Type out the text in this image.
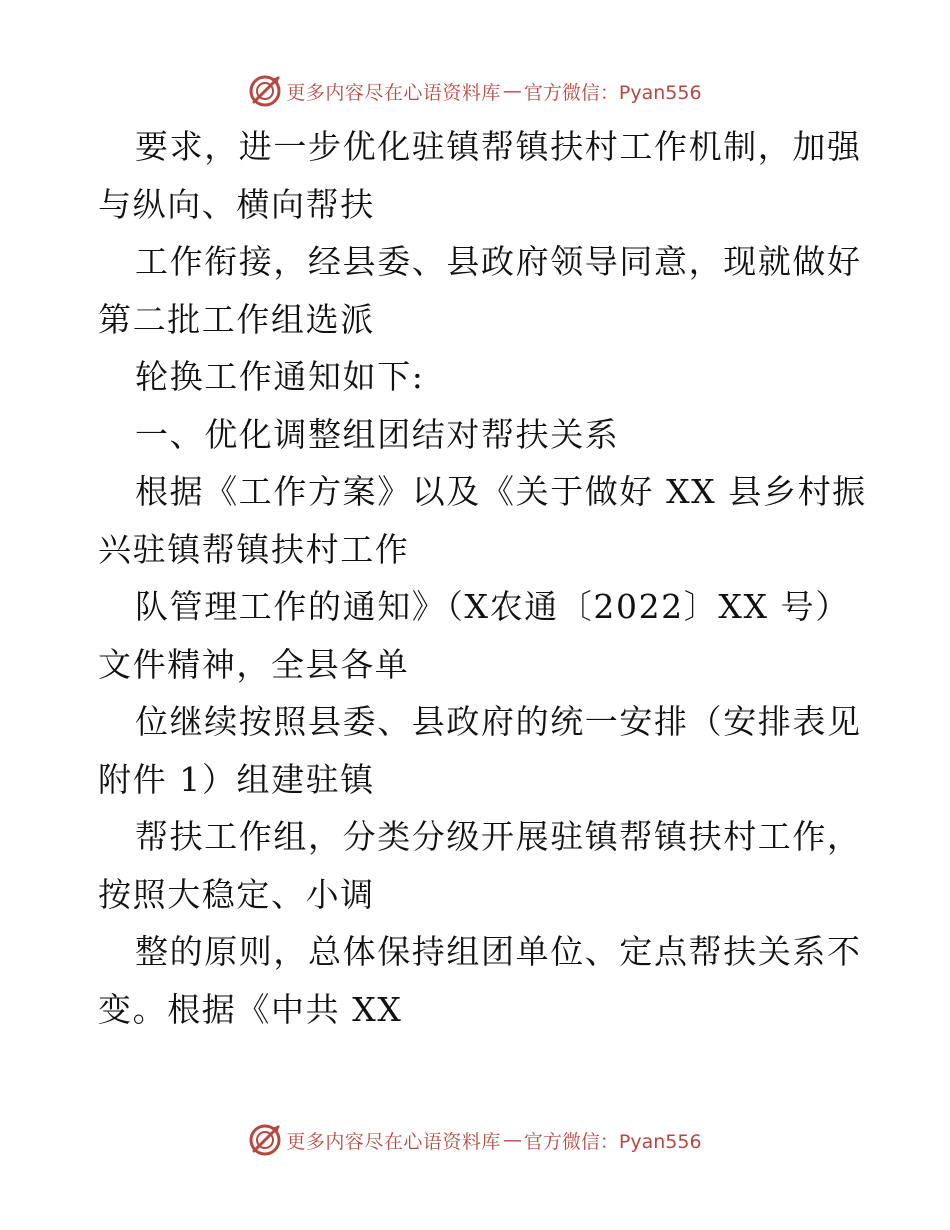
更多内容尽在心语资料库 — 官方微信：Pyan556
要求，进一步优化驻镇帮镇扶村工作机制，加强
与纵向、横向帮扶
工作衔接，经县委、县政府领导同意，现就做好
第二批工作组选派
轮换工作通知如下:
一、优化调整组团结对帮扶关系
根据《工作方案》以及《关于做好 XX 县乡村振
兴驻镇帮镇扶村工作
队管理工作的通知》（X农通〔2022〕XX 号）
文件精神，全县各单
位继续按照县委、县政府的统一安排（安排表见
附件 1）组建驻镇
帮扶工作组，分类分级开展驻镇帮镇扶村工作，
按照大稳定、小调
整的原则，总体保持组团单位、定点帮扶关系不
变。根据《中共 XX
更多内容尽在心语资料库 — 官方微信：Pyan556
